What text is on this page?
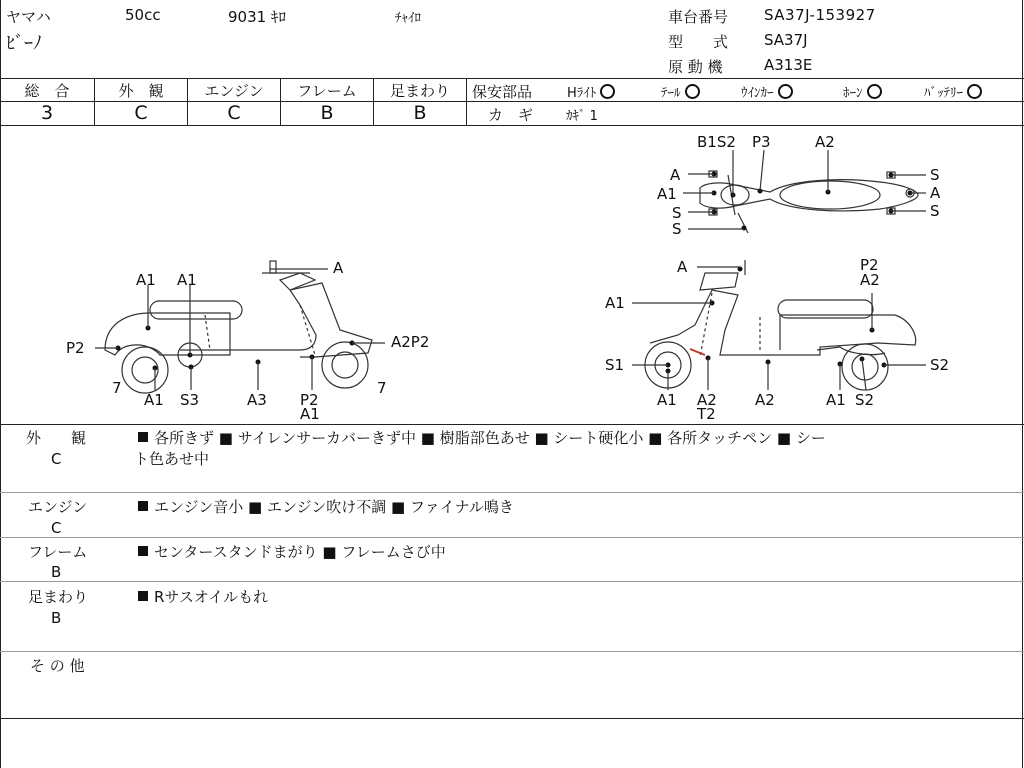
ヤマハ	50cc	9031 ｷﾛ	ﾁｬｲﾛ
ﾋﾞｰﾉ
車台番号 SA37J-153927
型　　式 SA37J
原 動 機	A313E
総　合	外　観	エンジン	フレーム	足まわり
3	C	C	B	B
保安部品	Hﾗｲﾄ	ﾃｰﾙ	ｳｲﾝｶｰ	ﾎｰﾝ	ﾊﾞｯﾃﾘｰ
カ　ギ	ｶｷﾞ 1
B1S2 P3	A2
A
A1
S
S
S
A
S
A
A1 A1
P2	A2P2
7	7
A1 S3	A3 P2
A1
A	P2
A2
A1
S1	S2
A1 A2
T2
A2	A1 S2
外　　観
C
各所きず ■ サイレンサーカバーきず中 ■ 樹脂部色あせ ■ シート硬化小 ■ 各所タッチペン ■ シー
ト色あせ中
エンジン
C
エンジン音小 ■ エンジン吹け不調 ■ ファイナル鳴き
フレーム
B
センタースタンドまがり ■ フレームさび中
足まわり
B
Rサスオイルもれ
そ の 他
